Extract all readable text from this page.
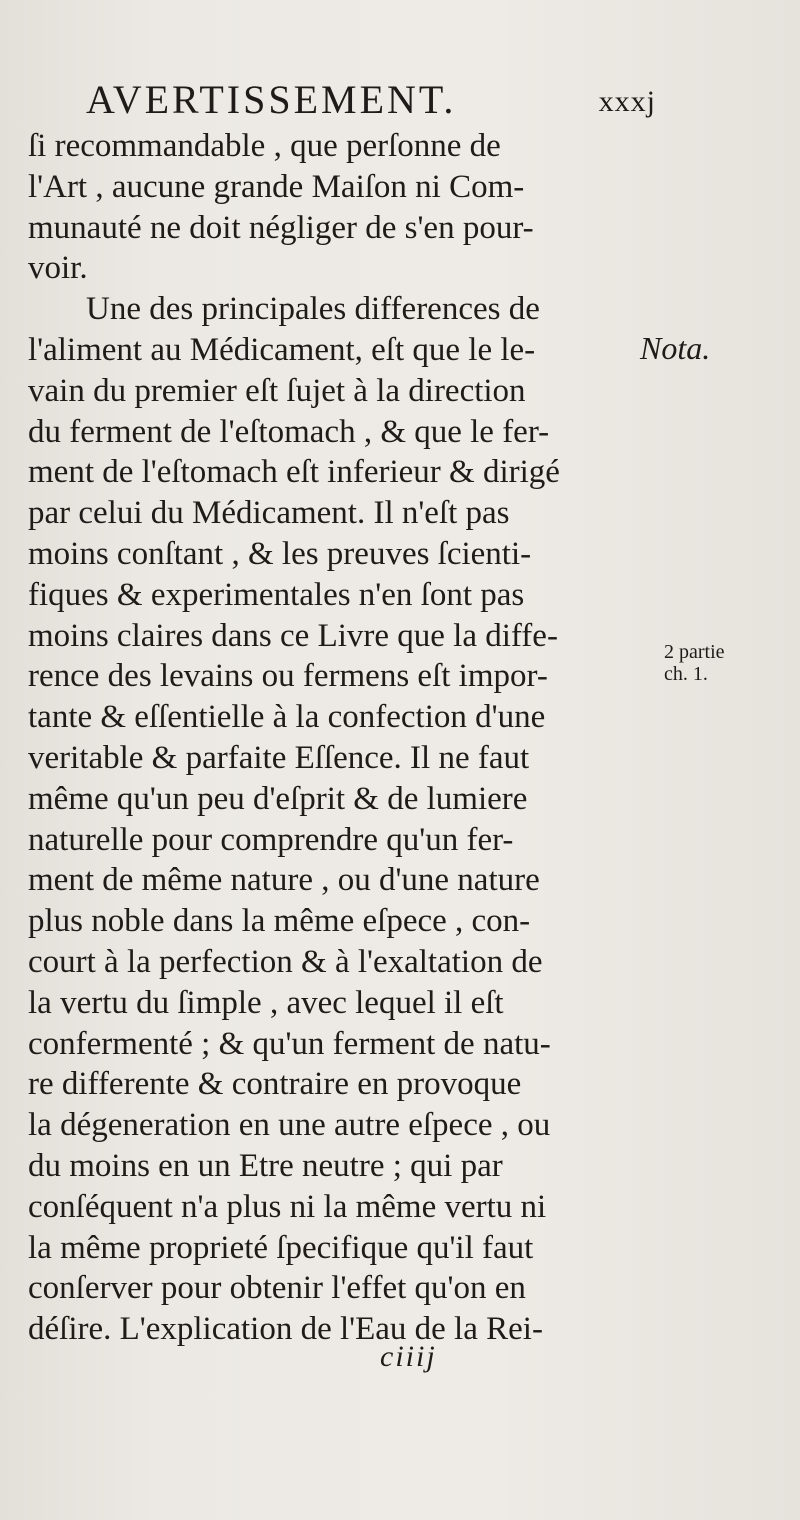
AVERTISSEMENT.	xxxj
ſi recommandable , que perſonne de
l'Art , aucune grande Maiſon ni Com-
munauté ne doit négliger de s'en pour-
voir.
Une des principales differences de
l'aliment au Médicament, eſt que le le-
vain du premier eſt ſujet à la direction
du ferment de l'eſtomach , & que le fer-
ment de l'eſtomach eſt inferieur & dirigé
par celui du Médicament. Il n'eſt pas
moins conſtant , & les preuves ſcienti-
fiques & experimentales n'en ſont pas
moins claires dans ce Livre que la diffe-
rence des levains ou fermens eſt impor-
tante & eſſentielle à la confection d'une
veritable & parfaite Eſſence. Il ne faut
même qu'un peu d'eſprit & de lumiere
naturelle pour comprendre qu'un fer-
ment de même nature , ou d'une nature
plus noble dans la même eſpece , con-
court à la perfection & à l'exaltation de
la vertu du ſimple , avec lequel il eſt
confermenté ; & qu'un ferment de natu-
re differente & contraire en provoque
la dégeneration en une autre eſpece , ou
du moins en un Etre neutre ; qui par
conſéquent n'a plus ni la même vertu ni
la même proprieté ſpecifique qu'il faut
conſerver pour obtenir l'effet qu'on en
déſire. L'explication de l'Eau de la Rei-
Nota.
2 partie
ch. 1.
ciiij
